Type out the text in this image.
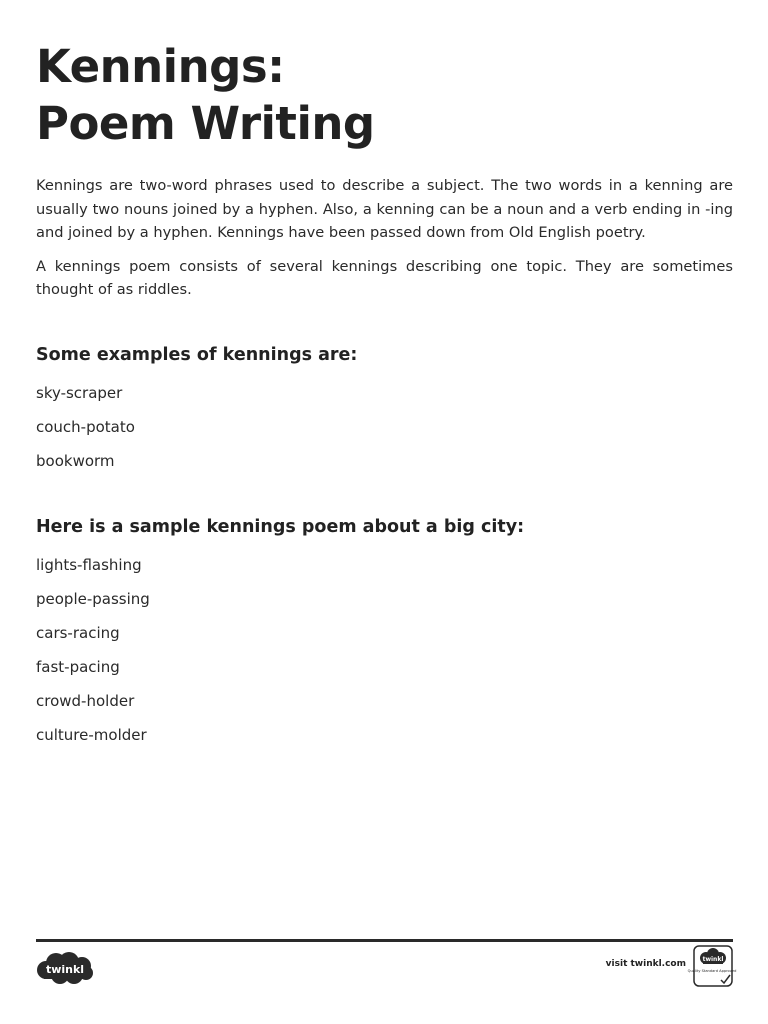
Kennings:
Poem Writing

Kennings are two-word phrases used to describe a subject. The two words in a kenning are usually two nouns joined by a hyphen. Also, a kenning can be a noun and a verb ending in -ing and joined by a hyphen. Kennings have been passed down from Old English poetry.

A kennings poem consists of several kennings describing one topic. They are sometimes thought of as riddles.

Some examples of kennings are:
sky-scraper
couch-potato
bookworm
Here is a sample kennings poem about a big city:
lights-flashing
people-passing
cars-racing
fast-pacing
crowd-holder
culture-molder
twinkl	visit twinkl.com	twinkl
Quality Standard Approved
